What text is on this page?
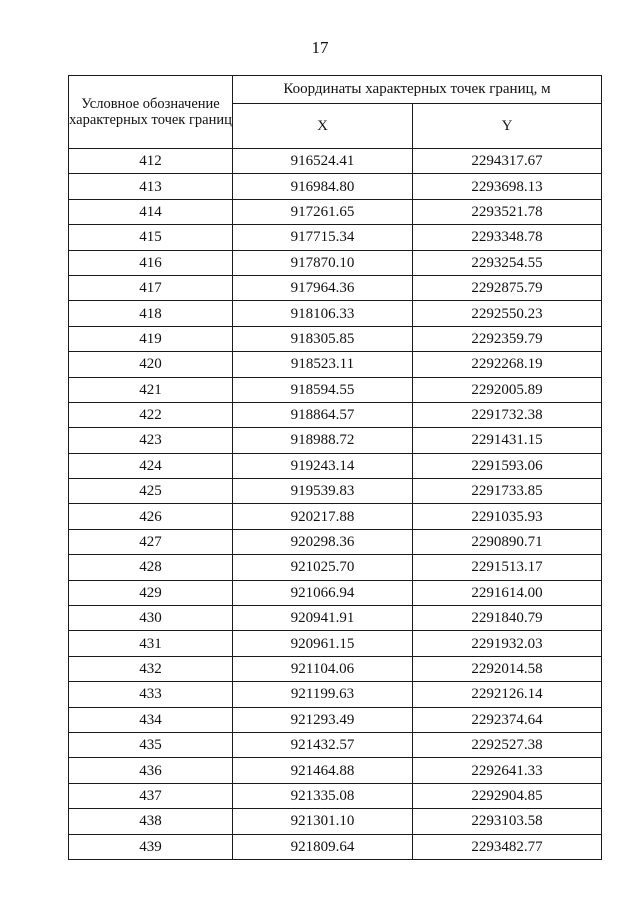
17
Условное обозначение характерных точек границ	Координаты характерных точек границ, м	
	X	Y
412	916524.41	2294317.67
413	916984.80	2293698.13
414	917261.65	2293521.78
415	917715.34	2293348.78
416	917870.10	2293254.55
417	917964.36	2292875.79
418	918106.33	2292550.23
419	918305.85	2292359.79
420	918523.11	2292268.19
421	918594.55	2292005.89
422	918864.57	2291732.38
423	918988.72	2291431.15
424	919243.14	2291593.06
425	919539.83	2291733.85
426	920217.88	2291035.93
427	920298.36	2290890.71
428	921025.70	2291513.17
429	921066.94	2291614.00
430	920941.91	2291840.79
431	920961.15	2291932.03
432	921104.06	2292014.58
433	921199.63	2292126.14
434	921293.49	2292374.64
435	921432.57	2292527.38
436	921464.88	2292641.33
437	921335.08	2292904.85
438	921301.10	2293103.58
439	921809.64	2293482.77
